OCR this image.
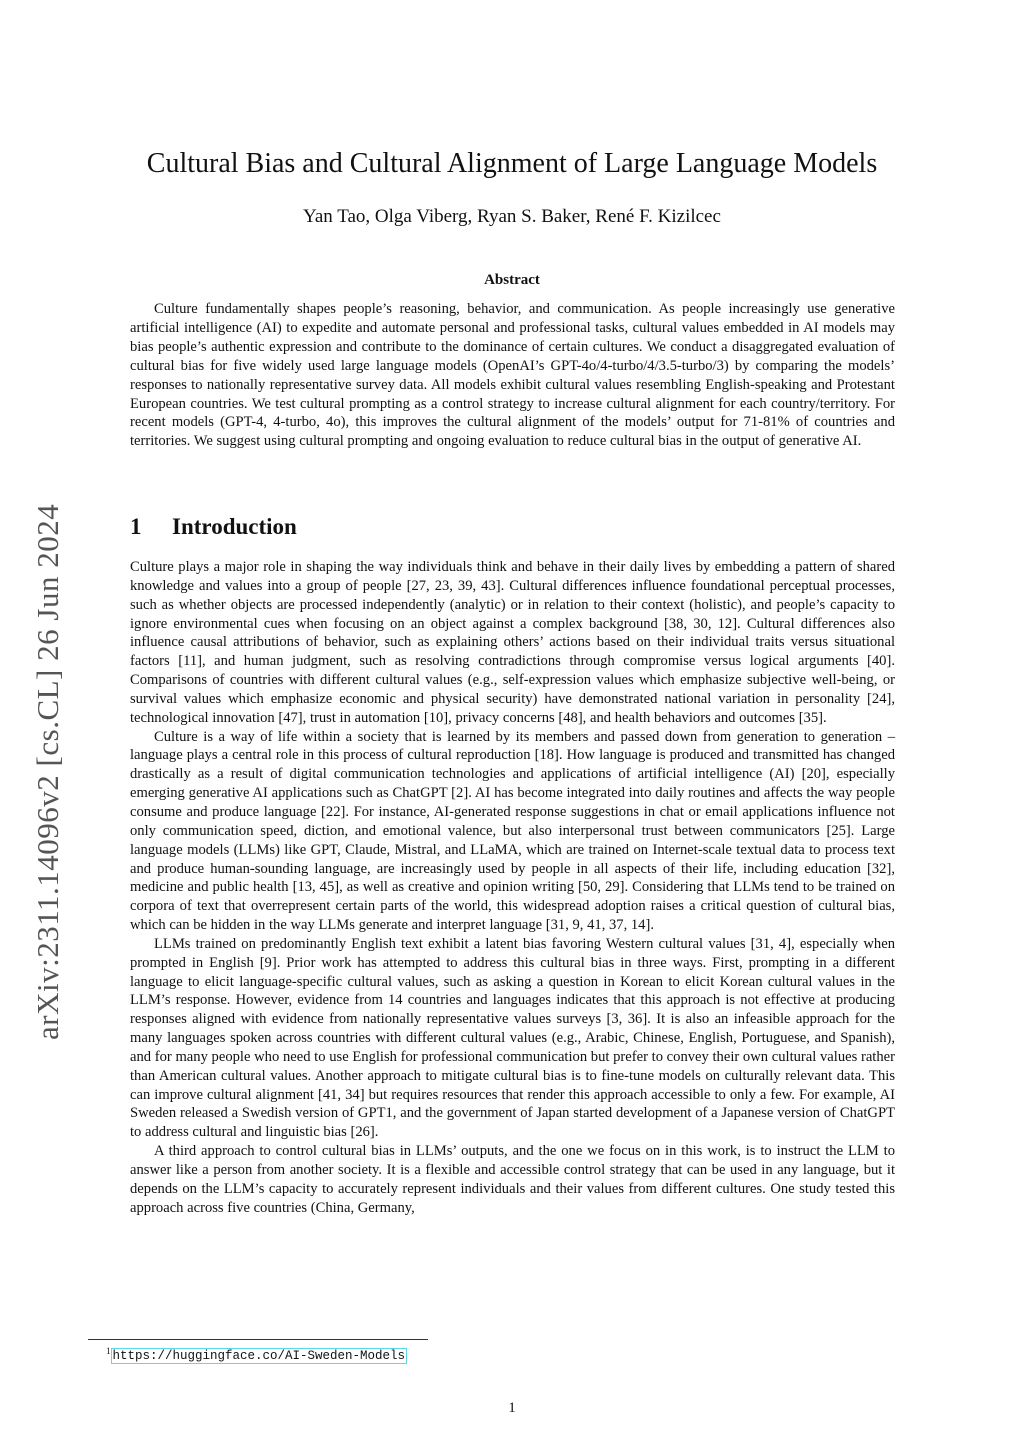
arXiv:2311.14096v2 [cs.CL] 26 Jun 2024
Cultural Bias and Cultural Alignment of Large Language Models

Yan Tao, Olga Viberg, Ryan S. Baker, René F. Kizilcec

Abstract

Culture fundamentally shapes people’s reasoning, behavior, and communication. As people increasingly use generative artificial intelligence (AI) to expedite and automate personal and professional tasks, cultural values embedded in AI models may bias people’s authentic expression and contribute to the dominance of certain cultures. We conduct a disaggregated evaluation of cultural bias for five widely used large language models (OpenAI’s GPT-4o/4-turbo/4/3.5-turbo/3) by comparing the models’ responses to nationally representative survey data. All models exhibit cultural values resembling English-speaking and Protestant European countries. We test cultural prompting as a control strategy to increase cultural alignment for each country/territory. For recent models (GPT-4, 4-turbo, 4o), this improves the cultural alignment of the models’ output for 71-81% of countries and territories. We suggest using cultural prompting and ongoing evaluation to reduce cultural bias in the output of generative AI.

1 Introduction

Culture plays a major role in shaping the way individuals think and behave in their daily lives by embedding a pattern of shared knowledge and values into a group of people [27, 23, 39, 43]. Cultural differences influence foundational perceptual processes, such as whether objects are processed independently (analytic) or in relation to their context (holistic), and people’s capacity to ignore environmental cues when focusing on an object against a complex background [38, 30, 12]. Cultural differences also influence causal attributions of behavior, such as explaining others’ actions based on their individual traits versus situational factors [11], and human judgment, such as resolving contradictions through compromise versus logical arguments [40]. Comparisons of countries with different cultural values (e.g., self-expression values which emphasize subjective well-being, or survival values which emphasize economic and physical security) have demonstrated national variation in personality [24], technological innovation [47], trust in automation [10], privacy concerns [48], and health behaviors and outcomes [35].

Culture is a way of life within a society that is learned by its members and passed down from generation to generation – language plays a central role in this process of cultural reproduction [18]. How language is produced and transmitted has changed drastically as a result of digital communication technologies and applications of artificial intelligence (AI) [20], especially emerging generative AI applications such as ChatGPT [2]. AI has become integrated into daily routines and affects the way people consume and produce language [22]. For instance, AI-generated response suggestions in chat or email applications influence not only communication speed, diction, and emotional valence, but also interpersonal trust between communicators [25]. Large language models (LLMs) like GPT, Claude, Mistral, and LLaMA, which are trained on Internet-scale textual data to process text and produce human-sounding language, are increasingly used by people in all aspects of their life, including education [32], medicine and public health [13, 45], as well as creative and opinion writing [50, 29]. Considering that LLMs tend to be trained on corpora of text that overrepresent certain parts of the world, this widespread adoption raises a critical question of cultural bias, which can be hidden in the way LLMs generate and interpret language [31, 9, 41, 37, 14].

LLMs trained on predominantly English text exhibit a latent bias favoring Western cultural values [31, 4], especially when prompted in English [9]. Prior work has attempted to address this cultural bias in three ways. First, prompting in a different language to elicit language-specific cultural values, such as asking a question in Korean to elicit Korean cultural values in the LLM’s response. However, evidence from 14 countries and languages indicates that this approach is not effective at producing responses aligned with evidence from nationally representative values surveys [3, 36]. It is also an infeasible approach for the many languages spoken across countries with different cultural values (e.g., Arabic, Chinese, English, Portuguese, and Spanish), and for many people who need to use English for professional communication but prefer to convey their own cultural values rather than American cultural values. Another approach to mitigate cultural bias is to fine-tune models on culturally relevant data. This can improve cultural alignment [41, 34] but requires resources that render this approach accessible to only a few. For example, AI Sweden released a Swedish version of GPT1, and the government of Japan started development of a Japanese version of ChatGPT to address cultural and linguistic bias [26].

A third approach to control cultural bias in LLMs’ outputs, and the one we focus on in this work, is to instruct the LLM to answer like a person from another society. It is a flexible and accessible control strategy that can be used in any language, but it depends on the LLM’s capacity to accurately represent individuals and their values from different cultures. One study tested this approach across five countries (China, Germany,

$^1$ https://huggingface.co/AI-Sweden-Models

1
